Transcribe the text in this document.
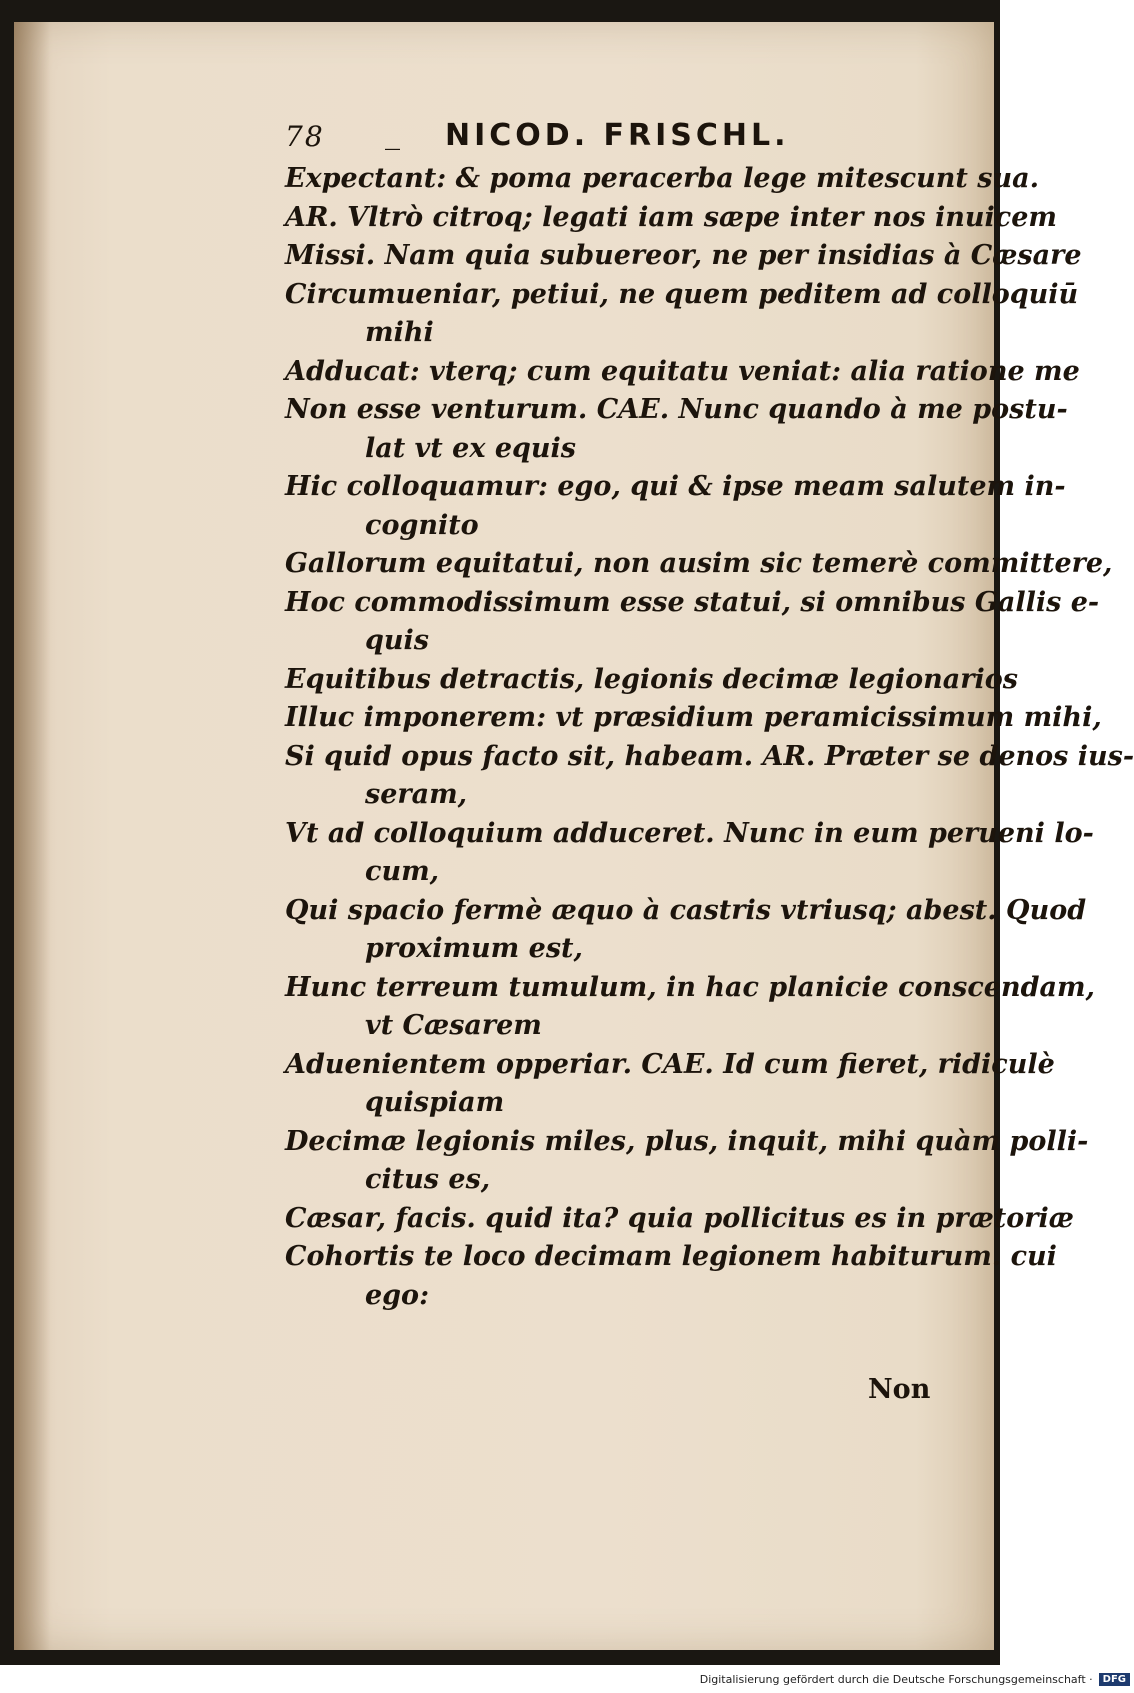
78 _ NICOD. FRISCHL.
Expectant: & poma peracerba lege mitescunt sua.
AR. Vltrò citroq; legati iam sæpe inter nos inuicem
Missi. Nam quia subuereor, ne per insidias à Cæsare
Circumueniar, petiui, ne quem peditem ad colloquiū
mihi
Adducat: vterq; cum equitatu veniat: alia ratione me
Non esse venturum. CAE. Nunc quando à me postu-
lat vt ex equis
Hic colloquamur: ego, qui & ipse meam salutem in-
cognito
Gallorum equitatui, non ausim sic temerè committere,
Hoc commodissimum esse statui, si omnibus Gallis e-
quis
Equitibus detractis, legionis decimæ legionarios
Illuc imponerem: vt præsidium peramicissimum mihi,
Si quid opus facto sit, habeam. AR. Præter se denos ius-
seram,
Vt ad colloquium adduceret. Nunc in eum perueni lo-
cum,
Qui spacio fermè æquo à castris vtriusq; abest. Quod
proximum est,
Hunc terreum tumulum, in hac planicie conscendam,
vt Cæsarem
Aduenientem opperiar. CAE. Id cum fieret, ridiculè
quispiam
Decimæ legionis miles, plus, inquit, mihi quàm polli-
citus es,
Cæsar, facis. quid ita? quia pollicitus es in prætoriæ
Cohortis te loco decimam legionem habiturum. cui
ego:
Non
Digitalisierung gefördert durch die Deutsche Forschungsgemeinschaft ·	DFG
